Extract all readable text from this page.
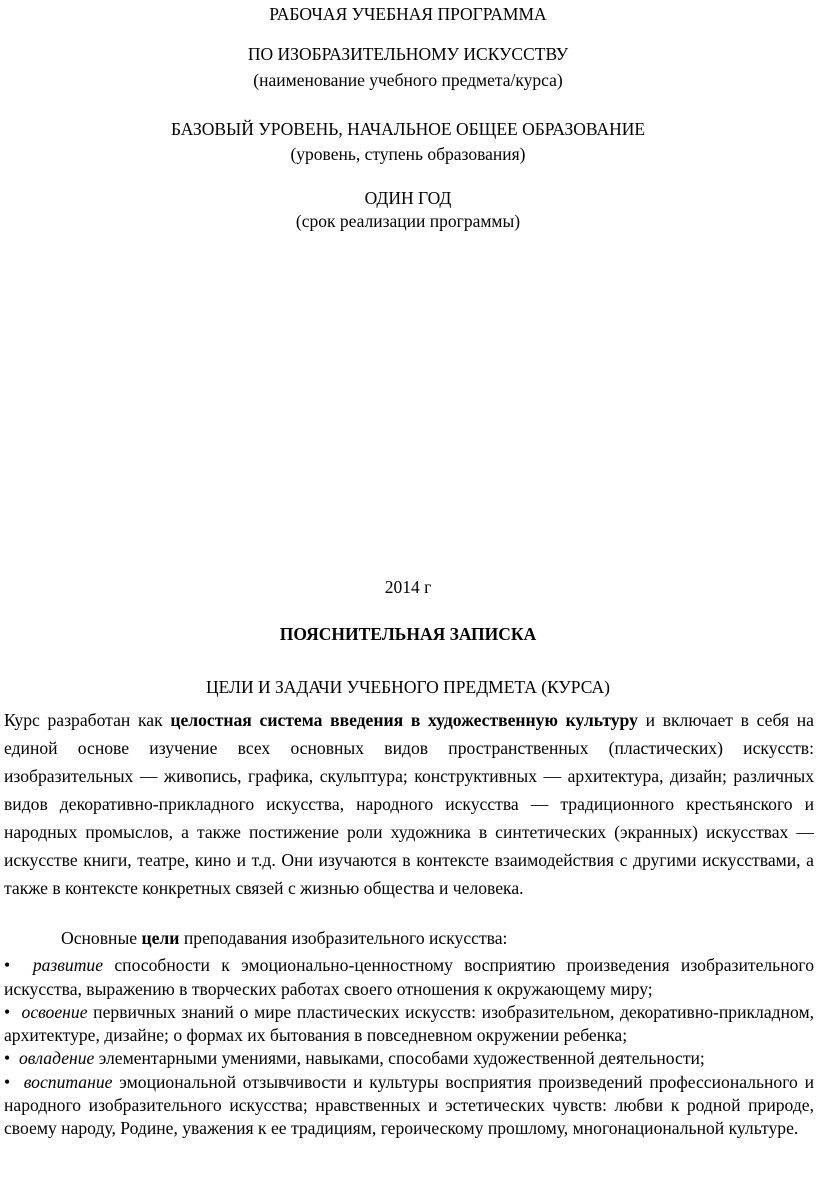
РАБОЧАЯ УЧЕБНАЯ ПРОГРАММА
ПО ИЗОБРАЗИТЕЛЬНОМУ ИСКУССТВУ
(наименование учебного предмета/курса)
БАЗОВЫЙ УРОВЕНЬ, НАЧАЛЬНОЕ ОБЩЕЕ ОБРАЗОВАНИЕ
(уровень, ступень образования)
ОДИН ГОД
(срок реализации программы)
2014 г
ПОЯСНИТЕЛЬНАЯ ЗАПИСКА
ЦЕЛИ И ЗАДАЧИ УЧЕБНОГО ПРЕДМЕТА (КУРСА)

Курс разработан как целостная система введения в художественную культуру и включает в себя на единой основе изучение всех основных видов пространственных (пластических) искусств: изобразительных — живопись, графика, скульптура; конструктивных — архитектура, дизайн; различных видов декоративно-прикладного искусства, народного искусства — традиционного крестьянского и народных промыслов, а также постижение роли художника в синтетических (экранных) искусствах — искусстве книги, театре, кино и т.д. Они изучаются в контексте взаимодействия с другими искусствами, а также в контексте конкретных связей с жизнью общества и человека.

Основные цели преподавания изобразительного искусства:

• развитие способности к эмоционально-ценностному восприятию произведения изобразительного искусства, выражению в творческих работах своего отношения к окружающему миру;

• освоение первичных знаний о мире пластических искусств: изобразительном, декоративно-прикладном, архитектуре, дизайне; о формах их бытования в повседневном окружении ребенка;

• овладение элементарными умениями, навыками, способами художественной деятельности;

• воспитание эмоциональной отзывчивости и культуры восприятия произведений профессионального и народного изобразительного искусства; нравственных и эстетических чувств: любви к родной природе, своему народу, Родине, уважения к ее традициям, героическому прошлому, многонациональной культуре.
